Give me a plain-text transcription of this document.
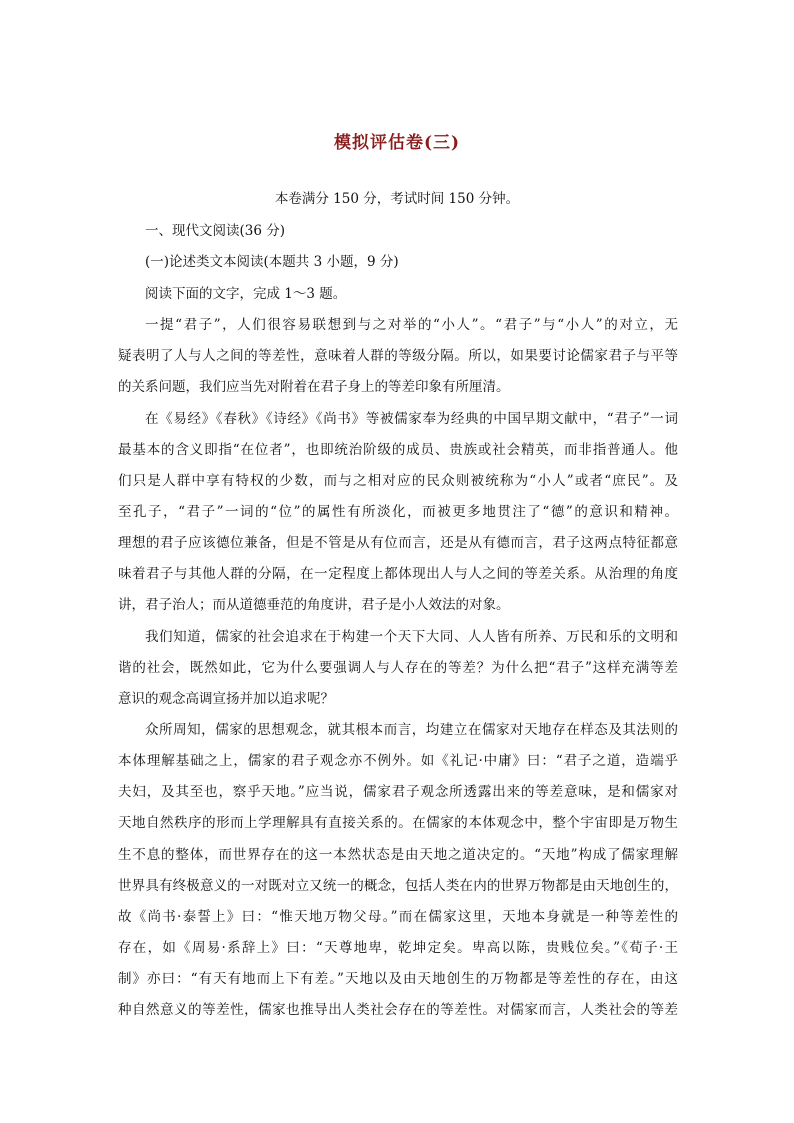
模拟评估卷(三)
本卷满分 150 分，考试时间 150 分钟。
一、现代文阅读(36 分)
(一)论述类文本阅读(本题共 3 小题，9 分)
阅读下面的文字，完成 1～3 题。
一提“君子”，人们很容易联想到与之对举的“小人”。“君子”与“小人”的对立，无
疑表明了人与人之间的等差性，意味着人群的等级分隔。所以，如果要讨论儒家君子与平等
的关系问题，我们应当先对附着在君子身上的等差印象有所厘清。
在《易经》《春秋》《诗经》《尚书》等被儒家奉为经典的中国早期文献中，“君子”一词
最基本的含义即指“在位者”，也即统治阶级的成员、贵族或社会精英，而非指普通人。他
们只是人群中享有特权的少数，而与之相对应的民众则被统称为“小人”或者“庶民”。及
至孔子，“君子”一词的“位”的属性有所淡化，而被更多地贯注了“德”的意识和精神。
理想的君子应该德位兼备，但是不管是从有位而言，还是从有德而言，君子这两点特征都意
味着君子与其他人群的分隔，在一定程度上都体现出人与人之间的等差关系。从治理的角度
讲，君子治人；而从道德垂范的角度讲，君子是小人效法的对象。
我们知道，儒家的社会追求在于构建一个天下大同、人人皆有所养、万民和乐的文明和
谐的社会，既然如此，它为什么要强调人与人存在的等差？为什么把“君子”这样充满等差
意识的观念高调宣扬并加以追求呢？
众所周知，儒家的思想观念，就其根本而言，均建立在儒家对天地存在样态及其法则的
本体理解基础之上，儒家的君子观念亦不例外。如《礼记·中庸》曰：“君子之道，造端乎
夫妇，及其至也，察乎天地。”应当说，儒家君子观念所透露出来的等差意味，是和儒家对
天地自然秩序的形而上学理解具有直接关系的。在儒家的本体观念中，整个宇宙即是万物生
生不息的整体，而世界存在的这一本然状态是由天地之道决定的。“天地”构成了儒家理解
世界具有终极意义的一对既对立又统一的概念，包括人类在内的世界万物都是由天地创生的，
故《尚书·泰誓上》曰：“惟天地万物父母。”而在儒家这里，天地本身就是一种等差性的
存在，如《周易·系辞上》曰：“天尊地卑，乾坤定矣。卑高以陈，贵贱位矣。”《荀子·王
制》亦曰：“有天有地而上下有差。”天地以及由天地创生的万物都是等差性的存在，由这
种自然意义的等差性，儒家也推导出人类社会存在的等差性。对儒家而言，人类社会的等差
